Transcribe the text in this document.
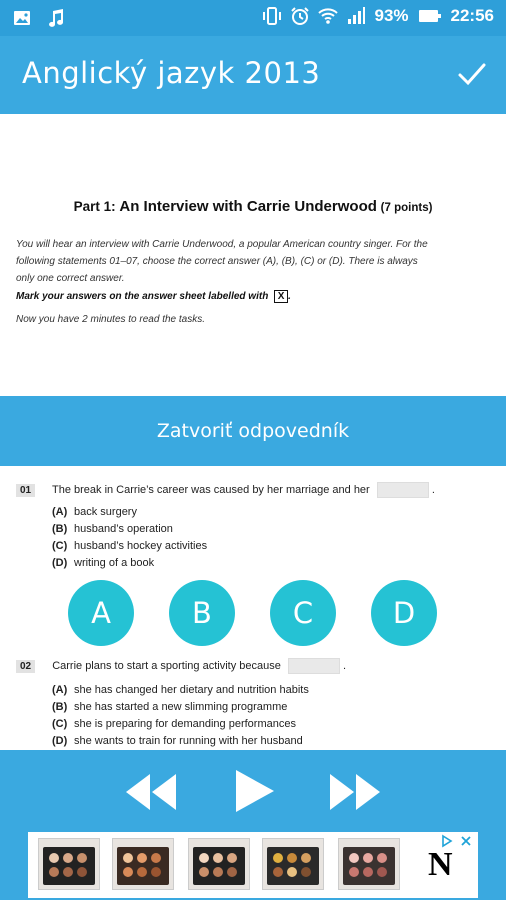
93% 22:56
Anglický jazyk 2013
Part 1: An Interview with Carrie Underwood (7 points)
You will hear an interview with Carrie Underwood, a popular American country singer. For the
following statements 01–07, choose the correct answer (A), (B), (C) or (D). There is always
only one correct answer.
Mark your answers on the answer sheet labelled with X .
Now you have 2 minutes to read the tasks.
Zatvoriť odpovedník
01 The break in Carrie’s career was caused by her marriage and her	.
(A) back surgery
(B) husband’s operation
(C) husband’s hockey activities
(D) writing of a book
02 Carrie plans to start a sporting activity because	.
(A) she has changed her dietary and nutrition habits
(B) she has started a new slimming programme
(C) she is preparing for demanding performances
(D) she wants to train for running with her husband
A	B	C	D
N
